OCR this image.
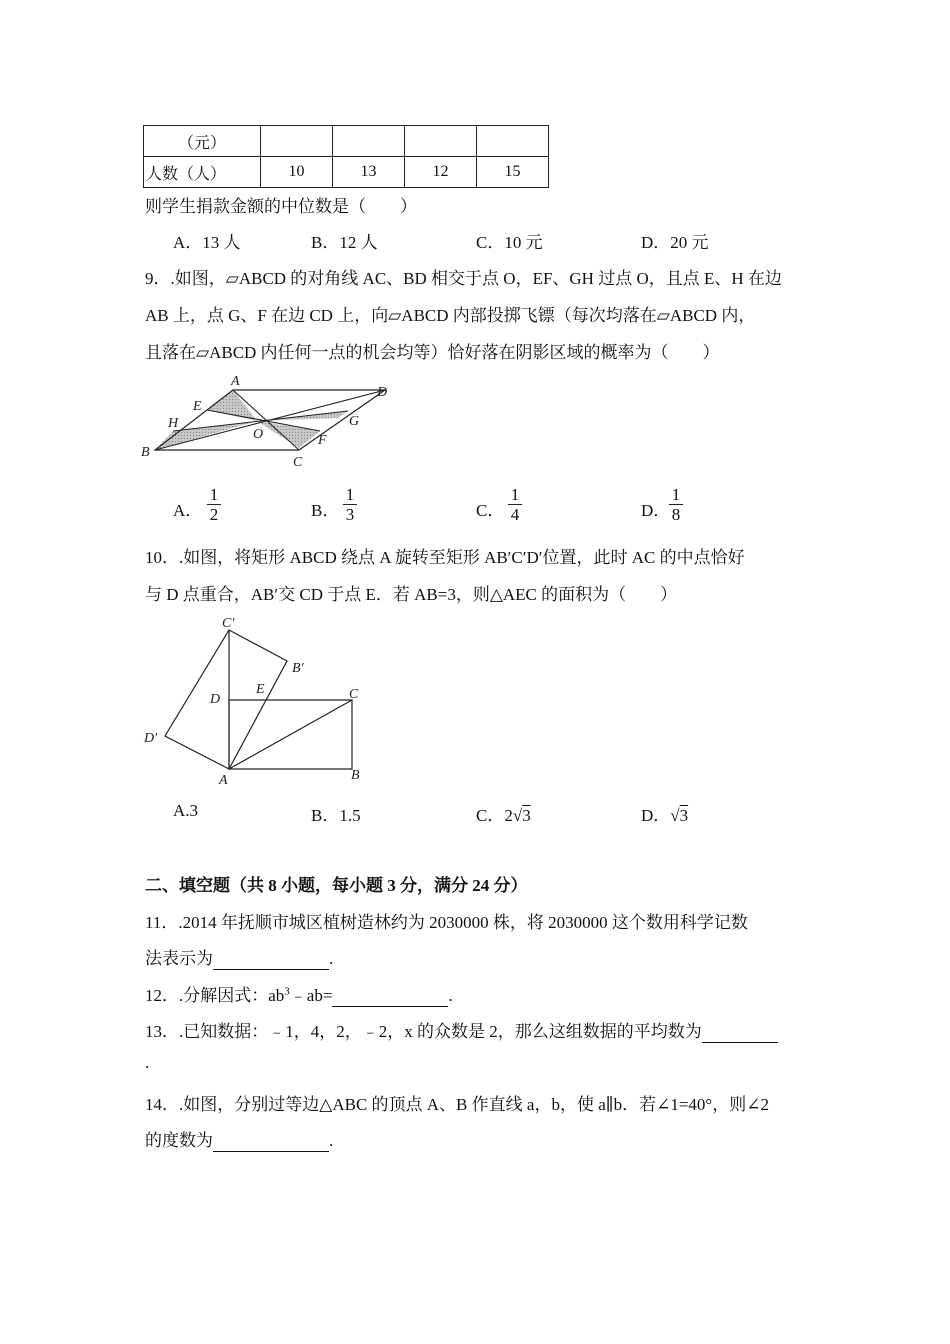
（元）				
人数（人）	10	13	12	15
则学生捐款金额的中位数是（　　）
A．13 人	B．12 人	C．10 元	D．20 元
9．.如图，▱ABCD 的对角线 AC、BD 相交于点 O，EF、GH 过点 O，且点 E、H 在边
AB 上，点 G、F 在边 CD 上，向▱ABCD 内部投掷飞镖（每次均落在▱ABCD 内，
且落在▱ABCD 内任何一点的机会均等）恰好落在阴影区域的概率为（　　）
A
D
E
H
O
G
F
B
C
A． $\frac{1}{2}$	B． $\frac{1}{3}$	C． $\frac{1}{4}$	D．
$\frac{1}{8}$
10．.如图，将矩形 ABCD 绕点 A 旋转至矩形 AB′C′D′位置，此时 AC 的中点恰好
与 D 点重合，AB′交 CD 于点 E．若 AB=3，则△AEC 的面积为（　　）
C′
B′
D
E	C
D′
A	B
A.3	B．1.5	C．2√3	D．√3
二、填空题（共 8 小题，每小题 3 分，满分 24 分）
11．.2014 年抚顺市城区植树造林约为 2030000 株，将 2030000 这个数用科学记数
法表示为	.
12．.分解因式：$ab^3﹣ab=$	.
13．.已知数据：﹣1，4，2，﹣2，x 的众数是 2，那么这组数据的平均数为
.
14．.如图，分别过等边△ABC 的顶点 A、B 作直线 a，b，使 a∥b．若∠1=40°，则∠2
的度数为	.
